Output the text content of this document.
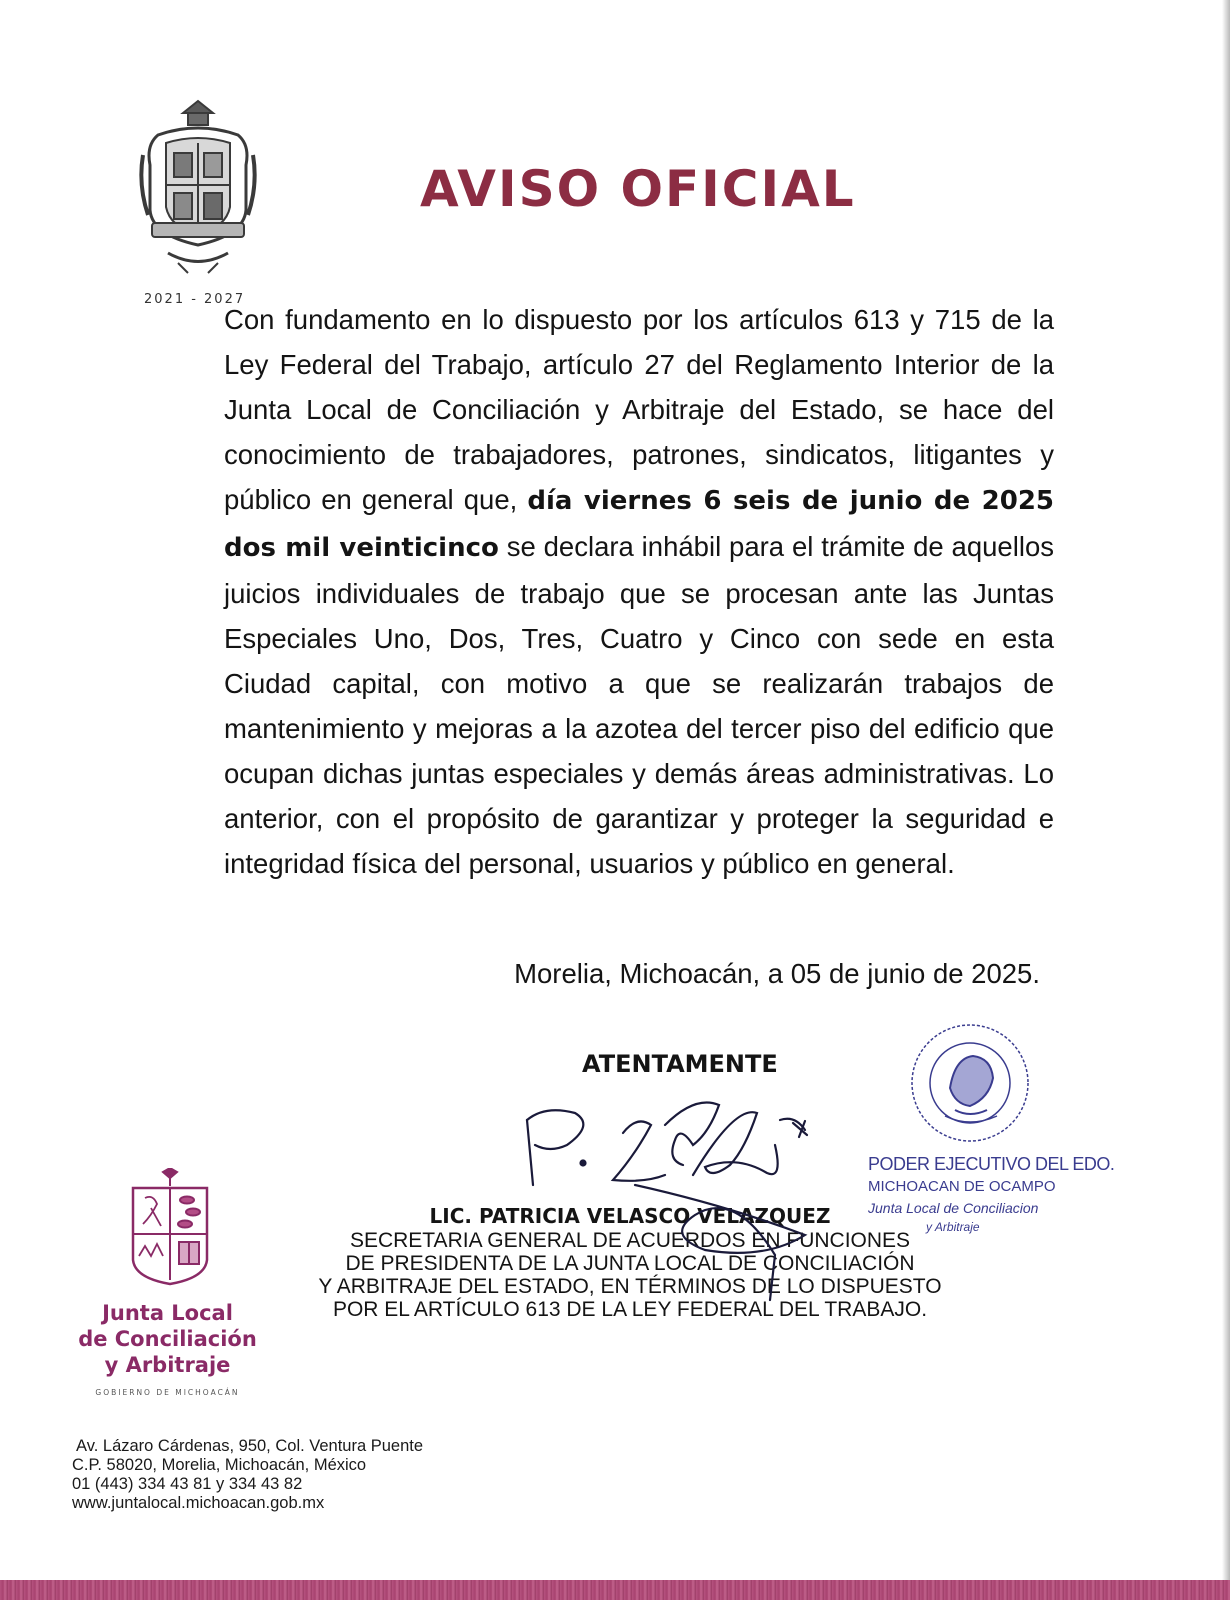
2021 - 2027
AVISO OFICIAL

Con fundamento en lo dispuesto por los artículos 613 y 715 de la Ley Federal del Trabajo, artículo 27 del Reglamento Interior de la Junta Local de Conciliación y Arbitraje del Estado, se hace del conocimiento de trabajadores, patrones, sindicatos, litigantes y público en general que, día viernes 6 seis de junio de 2025 dos mil veinticinco se declara inhábil para el trámite de aquellos juicios individuales de trabajo que se procesan ante las Juntas Especiales Uno, Dos, Tres, Cuatro y Cinco con sede en esta Ciudad capital, con motivo a que se realizarán trabajos de mantenimiento y mejoras a la azotea del tercer piso del edificio que ocupan dichas juntas especiales y demás áreas administrativas. Lo anterior, con el propósito de garantizar y proteger la seguridad e integridad física del personal, usuarios y público en general.

Morelia, Michoacán, a 05 de junio de 2025.
ATENTAMENTE
PODER EJECUTIVO DEL EDO.
MICHOACAN DE OCAMPO
Junta Local de Conciliacion
y Arbitraje
LIC. PATRICIA VELASCO VELAZQUEZ
SECRETARIA GENERAL DE ACUERDOS EN FUNCIONES
DE PRESIDENTA DE LA JUNTA LOCAL DE CONCILIACIÓN
Y ARBITRAJE DEL ESTADO, EN TÉRMINOS DE LO DISPUESTO
POR EL ARTÍCULO 613 DE LA LEY FEDERAL DEL TRABAJO.
Junta Local
de Conciliación
y Arbitraje
GOBIERNO DE MICHOACÁN
Av. Lázaro Cárdenas, 950, Col. Ventura Puente
C.P. 58020, Morelia, Michoacán, México
01 (443) 334 43 81 y 334 43 82
www.juntalocal.michoacan.gob.mx
